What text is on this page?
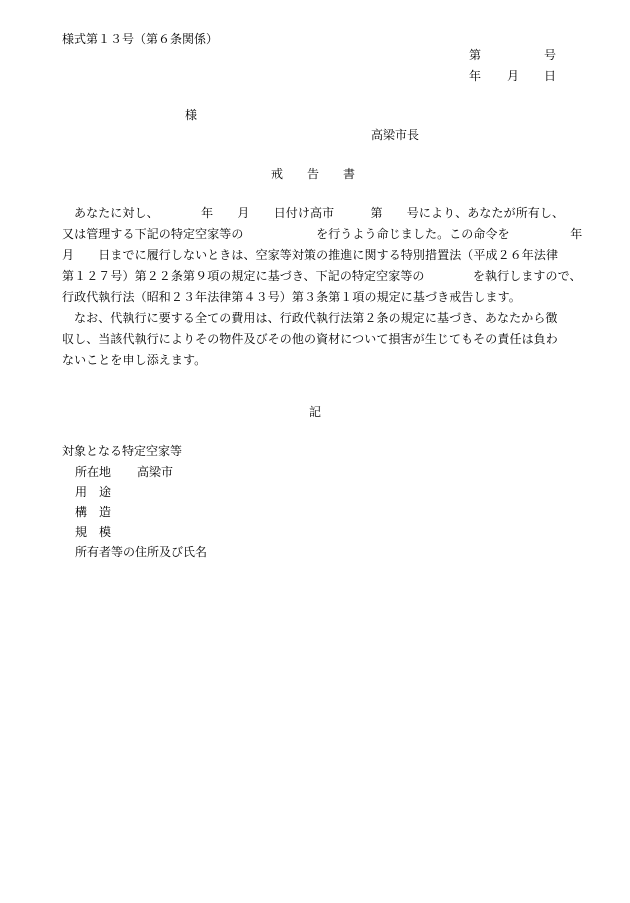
様式第１３号（第６条関係）
第	号
年 月 日
様
高梁市長
戒　　告　　書
あなたに対し、　　　　年　　月　　日付け高市　　　第　　号により、あなたが所有し、
又は管理する下記の特定空家等の　　　　　　を行うよう命じました。この命令を　　　　　年
月　　日までに履行しないときは、空家等対策の推進に関する特別措置法（平成２６年法律
第１２７号）第２２条第９項の規定に基づき、下記の特定空家等の　　　　を執行しますので、
行政代執行法（昭和２３年法律第４３号）第３条第１項の規定に基づき戒告します。
なお、代執行に要する全ての費用は、行政代執行法第２条の規定に基づき、あなたから徴
収し、当該代執行によりその物件及びその他の資材について損害が生じてもその責任は負わ
ないことを申し添えます。
記
対象となる特定空家等
所在地 高梁市
用　途
構　造
規　模
所有者等の住所及び氏名
